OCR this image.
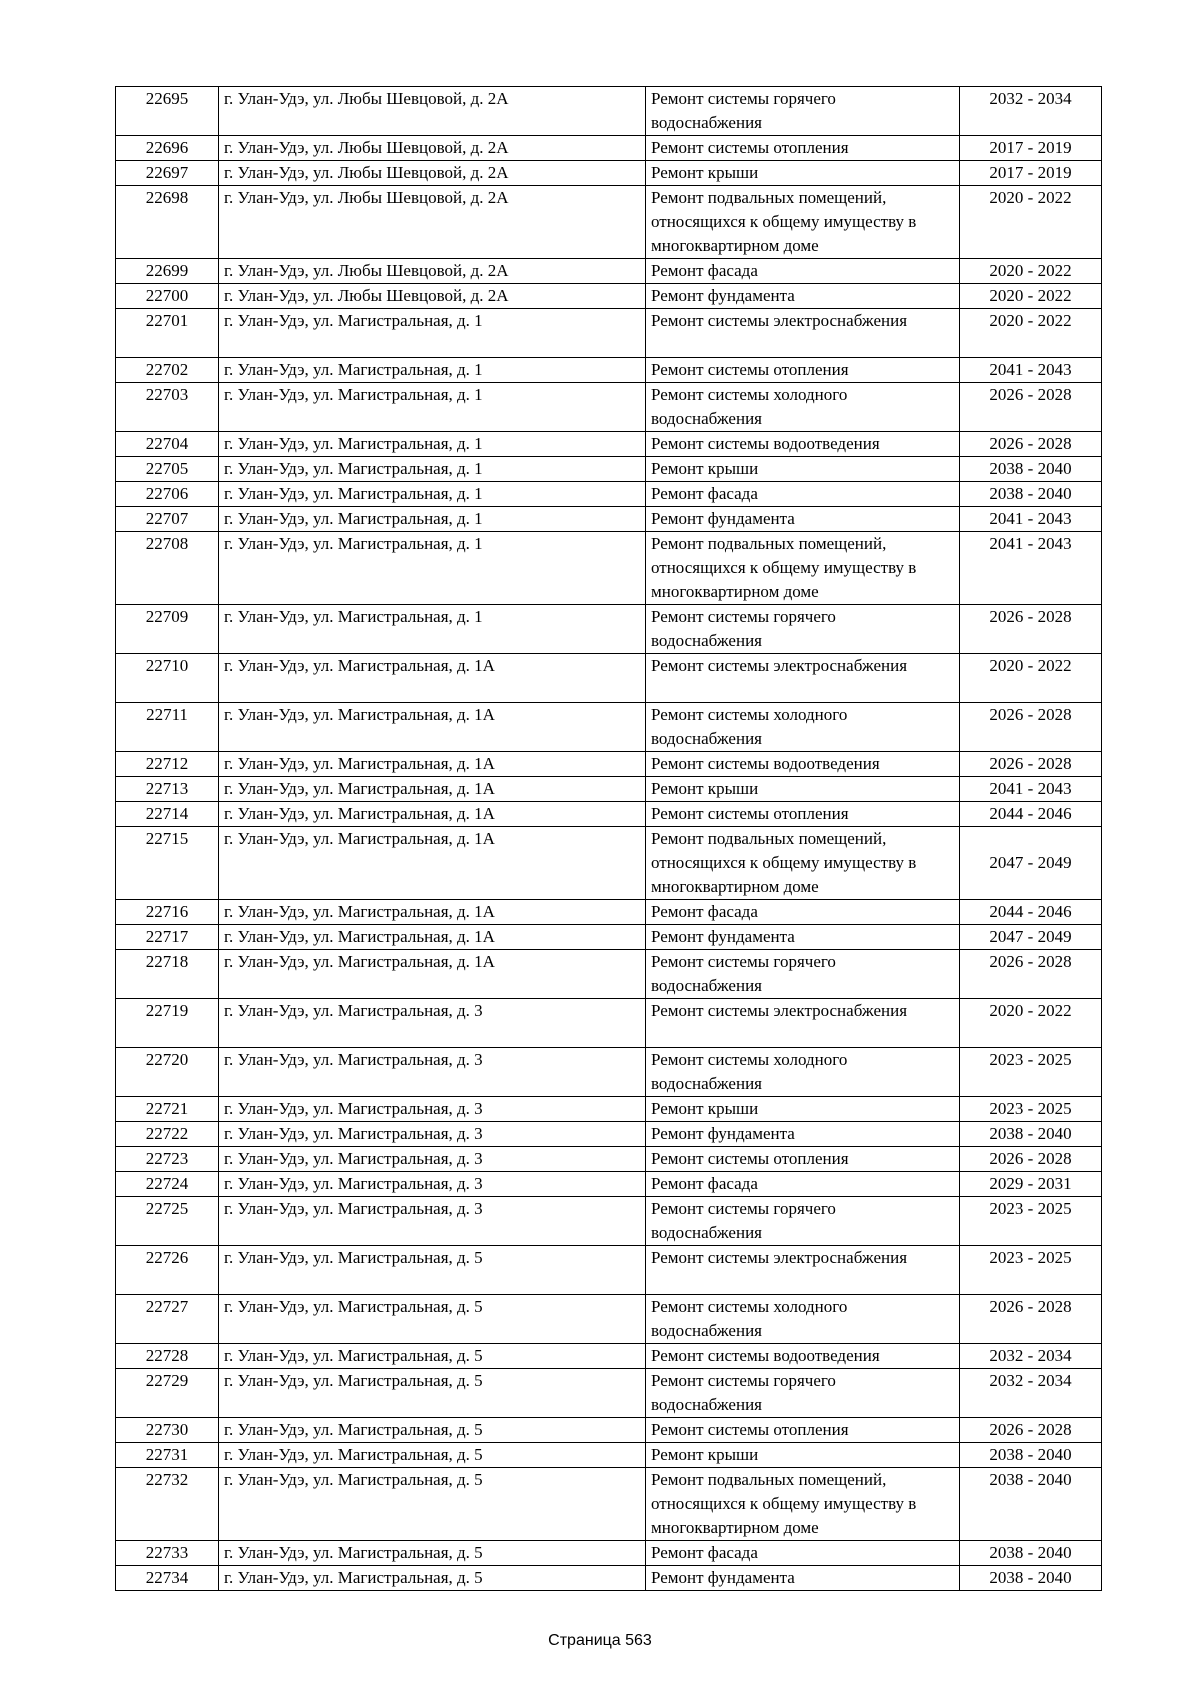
22695	г. Улан-Удэ, ул. Любы Шевцовой, д. 2А	Ремонт системы горячего
водоснабжения	2032 - 2034
22696	г. Улан-Удэ, ул. Любы Шевцовой, д. 2А	Ремонт системы отопления	2017 - 2019
22697	г. Улан-Удэ, ул. Любы Шевцовой, д. 2А	Ремонт крыши	2017 - 2019
22698	г. Улан-Удэ, ул. Любы Шевцовой, д. 2А	Ремонт подвальных помещений,
относящихся к общему имуществу в
многоквартирном доме	2020 - 2022
22699	г. Улан-Удэ, ул. Любы Шевцовой, д. 2А	Ремонт фасада	2020 - 2022
22700	г. Улан-Удэ, ул. Любы Шевцовой, д. 2А	Ремонт фундамента	2020 - 2022
22701	г. Улан-Удэ, ул. Магистральная, д. 1	Ремонт системы электроснабжения	2020 - 2022
22702	г. Улан-Удэ, ул. Магистральная, д. 1	Ремонт системы отопления	2041 - 2043
22703	г. Улан-Удэ, ул. Магистральная, д. 1	Ремонт системы холодного
водоснабжения	2026 - 2028
22704	г. Улан-Удэ, ул. Магистральная, д. 1	Ремонт системы водоотведения	2026 - 2028
22705	г. Улан-Удэ, ул. Магистральная, д. 1	Ремонт крыши	2038 - 2040
22706	г. Улан-Удэ, ул. Магистральная, д. 1	Ремонт фасада	2038 - 2040
22707	г. Улан-Удэ, ул. Магистральная, д. 1	Ремонт фундамента	2041 - 2043
22708	г. Улан-Удэ, ул. Магистральная, д. 1	Ремонт подвальных помещений,
относящихся к общему имуществу в
многоквартирном доме	2041 - 2043
22709	г. Улан-Удэ, ул. Магистральная, д. 1	Ремонт системы горячего
водоснабжения	2026 - 2028
22710	г. Улан-Удэ, ул. Магистральная, д. 1А	Ремонт системы электроснабжения	2020 - 2022
22711	г. Улан-Удэ, ул. Магистральная, д. 1А	Ремонт системы холодного
водоснабжения	2026 - 2028
22712	г. Улан-Удэ, ул. Магистральная, д. 1А	Ремонт системы водоотведения	2026 - 2028
22713	г. Улан-Удэ, ул. Магистральная, д. 1А	Ремонт крыши	2041 - 2043
22714	г. Улан-Удэ, ул. Магистральная, д. 1А	Ремонт системы отопления	2044 - 2046
22715	г. Улан-Удэ, ул. Магистральная, д. 1А	Ремонт подвальных помещений,
относящихся к общему имуществу в
многоквартирном доме	2047 - 2049
22716	г. Улан-Удэ, ул. Магистральная, д. 1А	Ремонт фасада	2044 - 2046
22717	г. Улан-Удэ, ул. Магистральная, д. 1А	Ремонт фундамента	2047 - 2049
22718	г. Улан-Удэ, ул. Магистральная, д. 1А	Ремонт системы горячего
водоснабжения	2026 - 2028
22719	г. Улан-Удэ, ул. Магистральная, д. 3	Ремонт системы электроснабжения	2020 - 2022
22720	г. Улан-Удэ, ул. Магистральная, д. 3	Ремонт системы холодного
водоснабжения	2023 - 2025
22721	г. Улан-Удэ, ул. Магистральная, д. 3	Ремонт крыши	2023 - 2025
22722	г. Улан-Удэ, ул. Магистральная, д. 3	Ремонт фундамента	2038 - 2040
22723	г. Улан-Удэ, ул. Магистральная, д. 3	Ремонт системы отопления	2026 - 2028
22724	г. Улан-Удэ, ул. Магистральная, д. 3	Ремонт фасада	2029 - 2031
22725	г. Улан-Удэ, ул. Магистральная, д. 3	Ремонт системы горячего
водоснабжения	2023 - 2025
22726	г. Улан-Удэ, ул. Магистральная, д. 5	Ремонт системы электроснабжения	2023 - 2025
22727	г. Улан-Удэ, ул. Магистральная, д. 5	Ремонт системы холодного
водоснабжения	2026 - 2028
22728	г. Улан-Удэ, ул. Магистральная, д. 5	Ремонт системы водоотведения	2032 - 2034
22729	г. Улан-Удэ, ул. Магистральная, д. 5	Ремонт системы горячего
водоснабжения	2032 - 2034
22730	г. Улан-Удэ, ул. Магистральная, д. 5	Ремонт системы отопления	2026 - 2028
22731	г. Улан-Удэ, ул. Магистральная, д. 5	Ремонт крыши	2038 - 2040
22732	г. Улан-Удэ, ул. Магистральная, д. 5	Ремонт подвальных помещений,
относящихся к общему имуществу в
многоквартирном доме	2038 - 2040
22733	г. Улан-Удэ, ул. Магистральная, д. 5	Ремонт фасада	2038 - 2040
22734	г. Улан-Удэ, ул. Магистральная, д. 5	Ремонт фундамента	2038 - 2040
Страница 563
